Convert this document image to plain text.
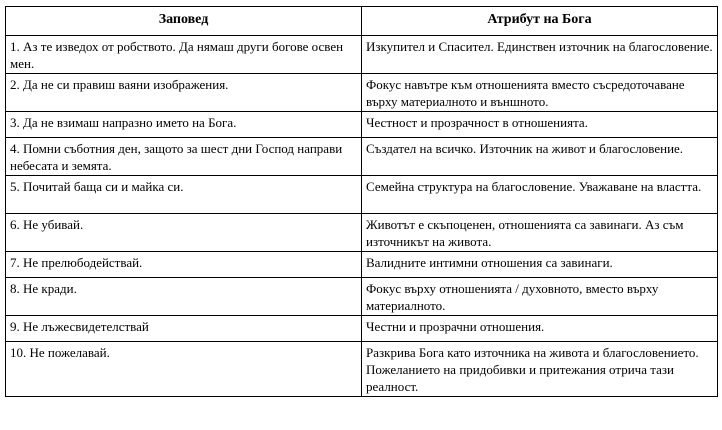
Заповед	Атрибут на Бога
1. Аз те изведох от робството. Да нямаш други богове освен мен.	Изкупител и Спасител. Единствен източник на благословение.
2. Да не си правиш ваяни изображения.	Фокус навътре към отношенията вместо съсредоточаване върху материалното и външното.
3. Да не взимаш напразно името на Бога.	Честност и прозрачност в отношенията.
4. Помни съботния ден, защото за шест дни Господ направи небесата и земята.	Създател на всичко. Източник на живот и благословение.
5. Почитай баща си и майка си.	Семейна структура на благословение. Уважаване на властта.
6. Не убивай.	Животът е скъпоценен, отношенията са завинаги. Аз съм източникът на живота.
7. Не прелюбодействай.	Валидните интимни отношения са завинаги.
8. Не кради.	Фокус върху отношенията / духовното, вместо върху материалното.
9. Не лъжесвидетелствай	Честни и прозрачни отношения.
10. Не пожелавай.	Разкрива Бога като източника на живота и благословението. Пожеланието на придобивки и притежания отрича тази реалност.
